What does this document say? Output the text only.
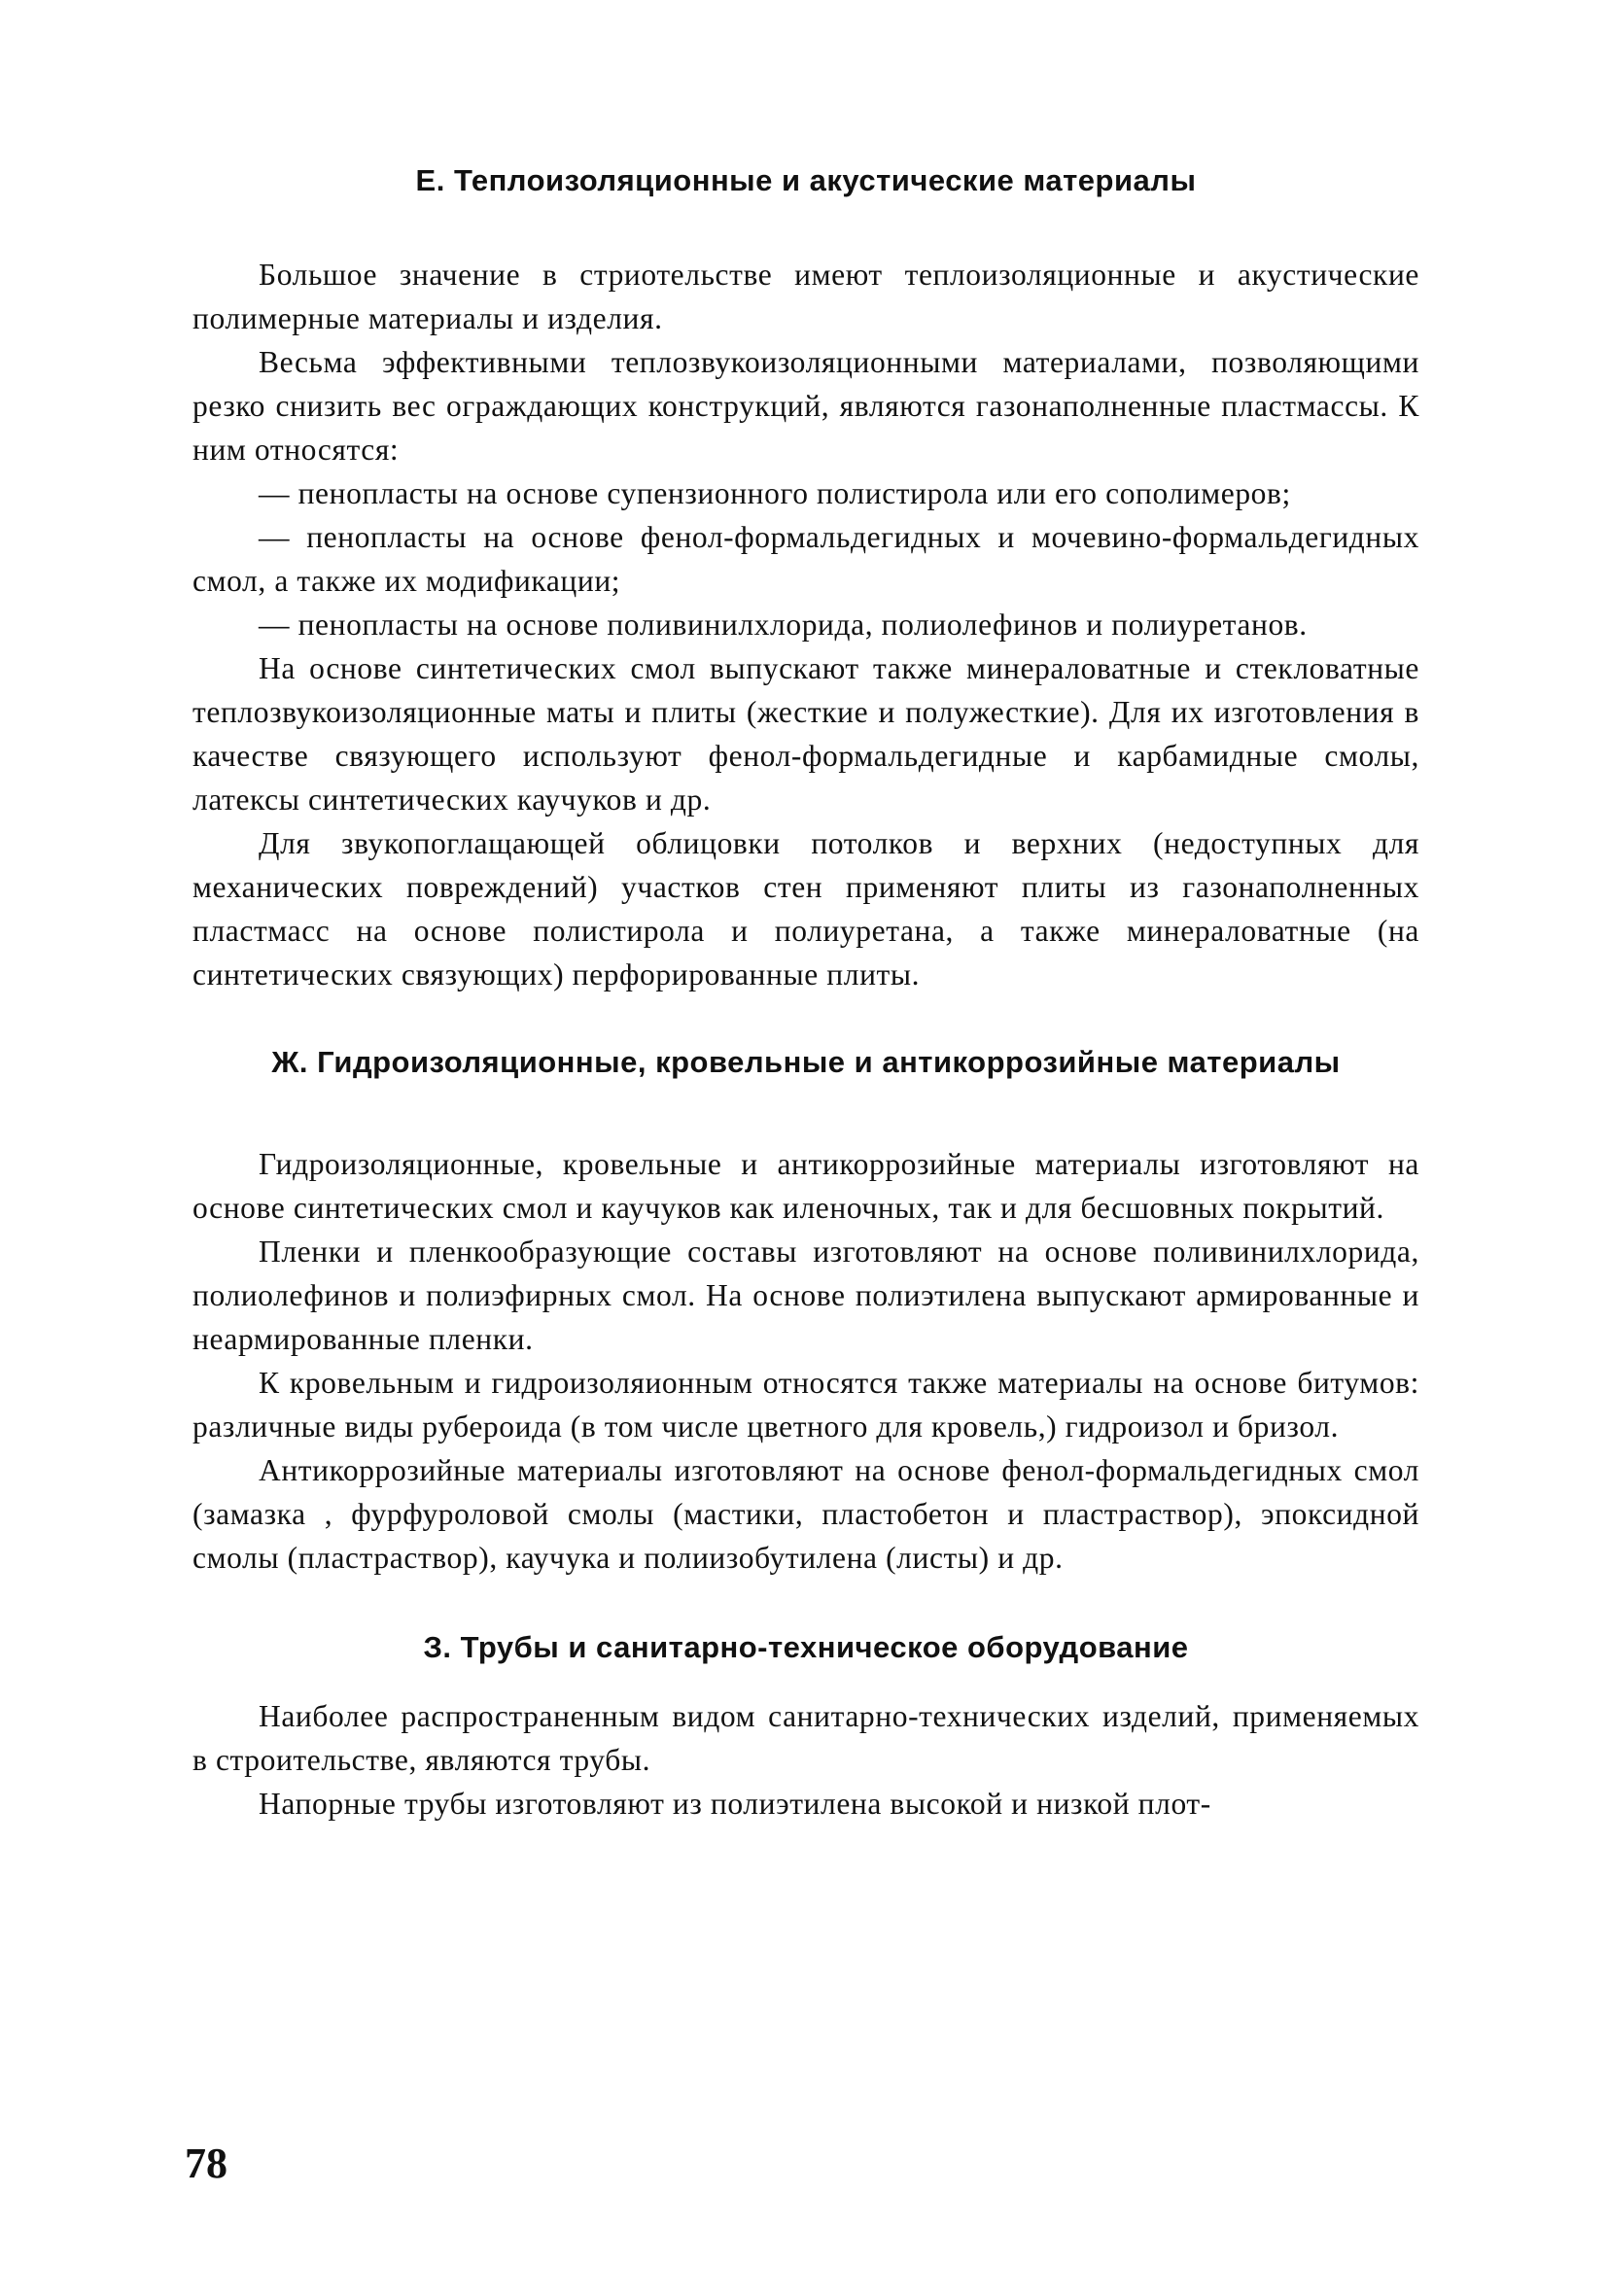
Е. Теплоизоляционные и акустические материалы

Большое значение в стриотельстве имеют теплоизоляционные и акустические полимерные материалы и изделия.

Весьма эффективными теплозвукоизоляционными материалами, позволяющими резко снизить вес ограждающих конструкций, являются газонаполненные пластмассы. К ним относятся:

— пенопласты на основе супензионного полистирола или его сополимеров;

— пенопласты на основе фенол-формальдегидных и мочевино-формальдегидных смол, а также их модификации;

— пенопласты на основе поливинилхлорида, полиолефинов и полиуретанов.

На основе синтетических смол выпускают также минераловатные и стекловатные теплозвукоизоляционные маты и плиты (жесткие и полужесткие). Для их изготовления в качестве связующего используют фенол-формальдегидные и карбамидные смолы, латексы синтетических каучуков и др.

Для звукопоглащающей облицовки потолков и верхних (недоступных для механических повреждений) участков стен применяют плиты из газонаполненных пластмасс на основе полистирола и полиуретана, а также минераловатные (на синтетических связующих) перфорированные плиты.

Ж. Гидроизоляционные, кровельные и антикоррозийные материалы

Гидроизоляционные, кровельные и антикоррозийные материалы изготовляют на основе синтетических смол и каучуков как иленочных, так и для бесшовных покрытий.

Пленки и пленкообразующие составы изготовляют на основе поливинилхлорида, полиолефинов и полиэфирных смол. На основе полиэтилена выпускают армированные и неармированные пленки.

К кровельным и гидроизоляионным относятся также материалы на основе битумов: различные виды рубероида (в том числе цветного для кровель,) гидроизол и бризол.

Антикоррозийные материалы изготовляют на основе фенол-формальдегидных смол (замазка , фурфуроловой смолы (мастики, пластобетон и пластраствор), эпоксидной смолы (пластраствор), каучука и полиизобутилена (листы) и др.

З. Трубы и санитарно-техническое оборудование

Наиболее распространенным видом санитарно-технических изделий, применяемых в строительстве, являются трубы.

Напорные трубы изготовляют из полиэтилена высокой и низкой плот-

78
